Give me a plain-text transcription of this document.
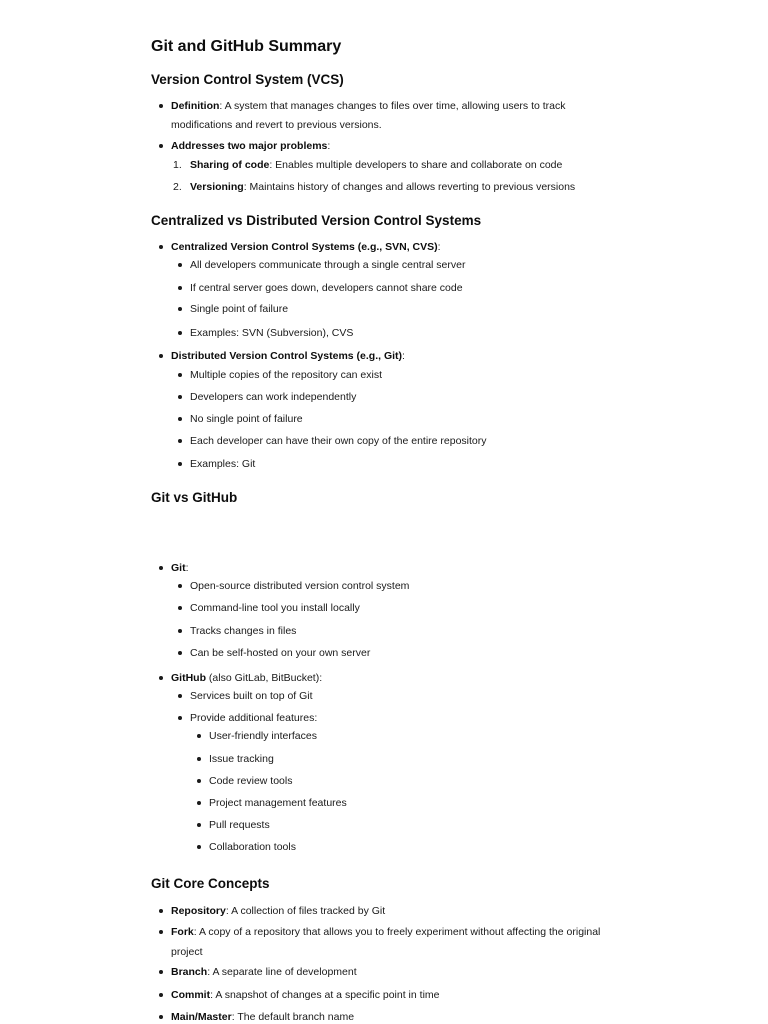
Git and GitHub Summary
Version Control System (VCS)

Definition: A system that manages changes to files over time, allowing users to track

modifications and revert to previous versions.

Addresses two major problems:

1. Sharing of code: Enables multiple developers to share and collaborate on code

2. Versioning: Maintains history of changes and allows reverting to previous versions

Centralized vs Distributed Version Control Systems

Centralized Version Control Systems (e.g., SVN, CVS):

All developers communicate through a single central server

If central server goes down, developers cannot share code

Single point of failure

Examples: SVN (Subversion), CVS

Distributed Version Control Systems (e.g., Git):

Multiple copies of the repository can exist

Developers can work independently

No single point of failure

Each developer can have their own copy of the entire repository

Examples: Git

Git vs GitHub

Git:

Open-source distributed version control system

Command-line tool you install locally

Tracks changes in files

Can be self-hosted on your own server

GitHub (also GitLab, BitBucket):

Services built on top of Git

Provide additional features:

User-friendly interfaces

Issue tracking

Code review tools

Project management features

Pull requests

Collaboration tools

Git Core Concepts

Repository: A collection of files tracked by Git

Fork: A copy of a repository that allows you to freely experiment without affecting the original

project

Branch: A separate line of development

Commit: A snapshot of changes at a specific point in time

Main/Master: The default branch name
